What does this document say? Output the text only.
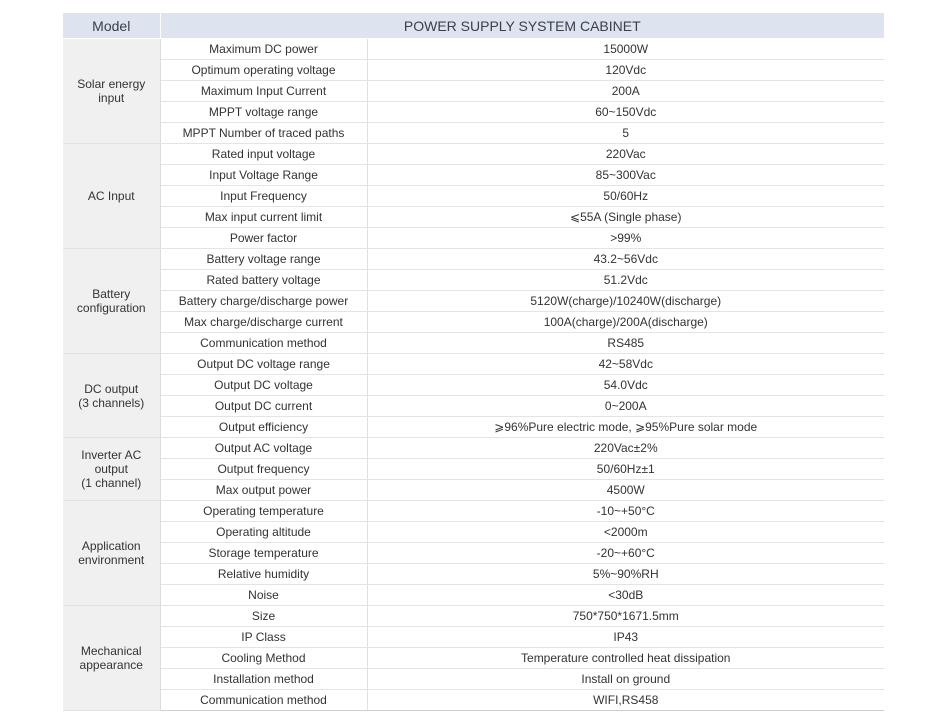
Model	POWER SUPPLY SYSTEM CABINET	
Solar energy
input	Maximum DC power	15000W
	Optimum operating voltage	120Vdc
	Maximum Input Current	200A
	MPPT voltage range	60~150Vdc
	MPPT Number of traced paths	5
AC Input	Rated input voltage	220Vac
	Input Voltage Range	85~300Vac
	Input Frequency	50/60Hz
	Max input current limit	⩽55A (Single phase)
	Power factor	>99%
Battery
configuration	Battery voltage range	43.2~56Vdc
	Rated battery voltage	51.2Vdc
	Battery charge/discharge power	5120W(charge)/10240W(discharge)
	Max charge/discharge current	100A(charge)/200A(discharge)
	Communication method	RS485
DC output
(3 channels)	Output DC voltage range	42~58Vdc
	Output DC voltage	54.0Vdc
	Output DC current	0~200A
	Output efficiency	⩾96%Pure electric mode, ⩾95%Pure solar mode
Inverter AC
output
(1 channel)	Output AC voltage	220Vac±2%
	Output frequency	50/60Hz±1
	Max output power	4500W
Application
environment	Operating temperature	-10~+50°C
	Operating altitude	<2000m
	Storage temperature	-20~+60°C
	Relative humidity	5%~90%RH
	Noise	<30dB
Mechanical
appearance	Size	750*750*1671.5mm
	IP Class	IP43
	Cooling Method	Temperature controlled heat dissipation
	Installation method	Install on ground
	Communication method	WIFI,RS458
